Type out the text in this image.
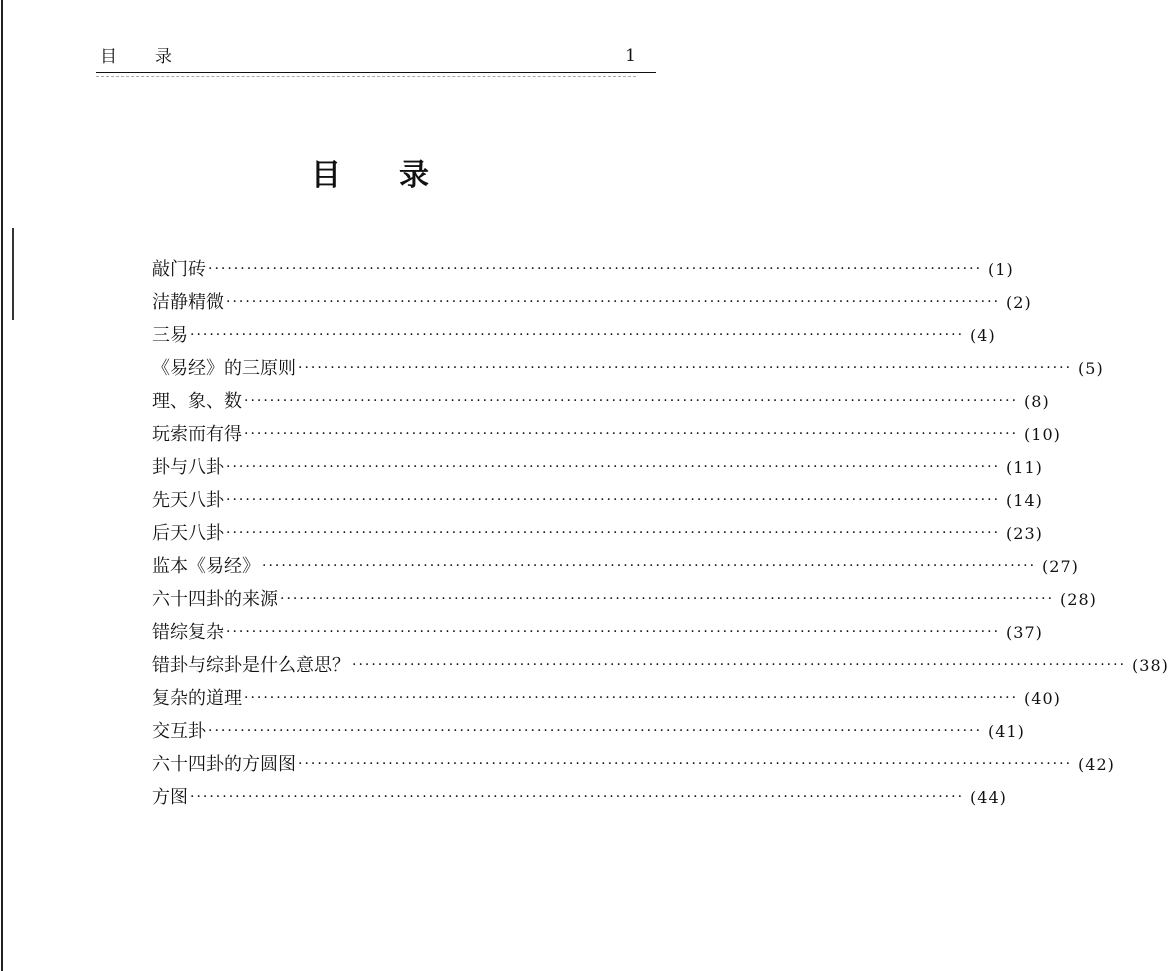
目录	1
目录
敲门砖 ························································································································ (1)
洁静精微 ························································································································ (2)
三易 ························································································································ (4)
《易经》的三原则 ························································································································ (5)
理、象、数 ························································································································ (8)
玩索而有得 ························································································································ (10)
卦与八卦 ························································································································ (11)
先天八卦 ························································································································ (14)
后天八卦 ························································································································ (23)
监本《易经》 ························································································································ (27)
六十四卦的来源 ························································································································ (28)
错综复杂 ························································································································ (37)
错卦与综卦是什么意思？ ························································································································ (38)
复杂的道理 ························································································································ (40)
交互卦 ························································································································ (41)
六十四卦的方圆图 ························································································································ (42)
方图 ························································································································ (44)
